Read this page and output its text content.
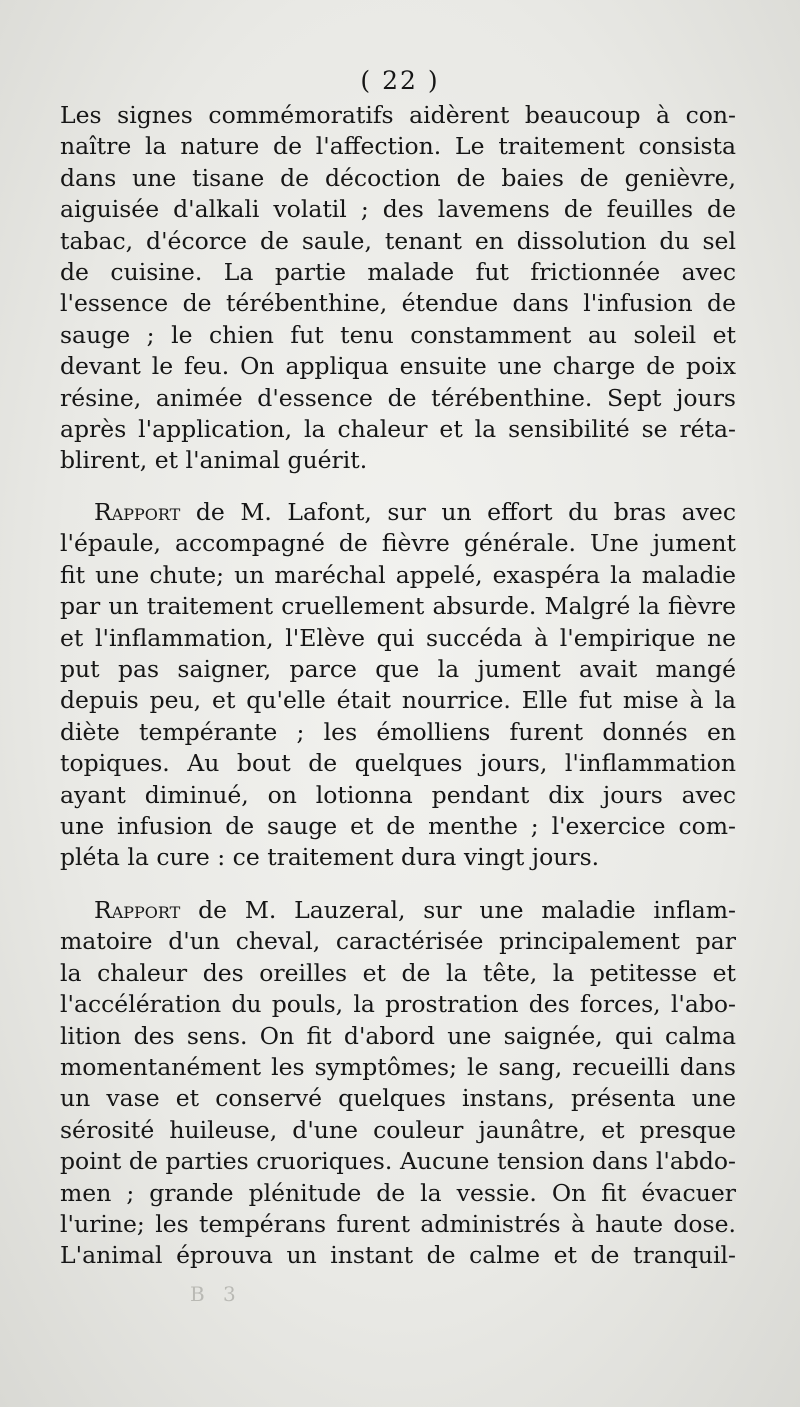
( 22 )
Les signes commémoratifs aidèrent beaucoup à con-
naître la nature de l'affection. Le traitement consista
dans une tisane de décoction de baies de genièvre,
aiguisée d'alkali volatil ; des lavemens de feuilles de
tabac, d'écorce de saule, tenant en dissolution du sel
de cuisine. La partie malade fut frictionnée avec
l'essence de térébenthine, étendue dans l'infusion de
sauge ; le chien fut tenu constamment au soleil et
devant le feu. On appliqua ensuite une charge de poix
résine, animée d'essence de térébenthine. Sept jours
après l'application, la chaleur et la sensibilité se réta-
blirent, et l'animal guérit.
Rapport de M. Lafont, sur un effort du bras avec
l'épaule, accompagné de fièvre générale. Une jument
fit une chute; un maréchal appelé, exaspéra la maladie
par un traitement cruellement absurde. Malgré la fièvre
et l'inflammation, l'Elève qui succéda à l'empirique ne
put pas saigner, parce que la jument avait mangé
depuis peu, et qu'elle était nourrice. Elle fut mise à la
diète tempérante ; les émolliens furent donnés en
topiques. Au bout de quelques jours, l'inflammation
ayant diminué, on lotionna pendant dix jours avec
une infusion de sauge et de menthe ; l'exercice com-
pléta la cure : ce traitement dura vingt jours.
Rapport de M. Lauzeral, sur une maladie inflam-
matoire d'un cheval, caractérisée principalement par
la chaleur des oreilles et de la tête, la petitesse et
l'accélération du pouls, la prostration des forces, l'abo-
lition des sens. On fit d'abord une saignée, qui calma
momentanément les symptômes; le sang, recueilli dans
un vase et conservé quelques instans, présenta une
sérosité huileuse, d'une couleur jaunâtre, et presque
point de parties cruoriques. Aucune tension dans l'abdo-
men ; grande plénitude de la vessie. On fit évacuer
l'urine; les tempérans furent administrés à haute dose.
L'animal éprouva un instant de calme et de tranquil-
B 3
